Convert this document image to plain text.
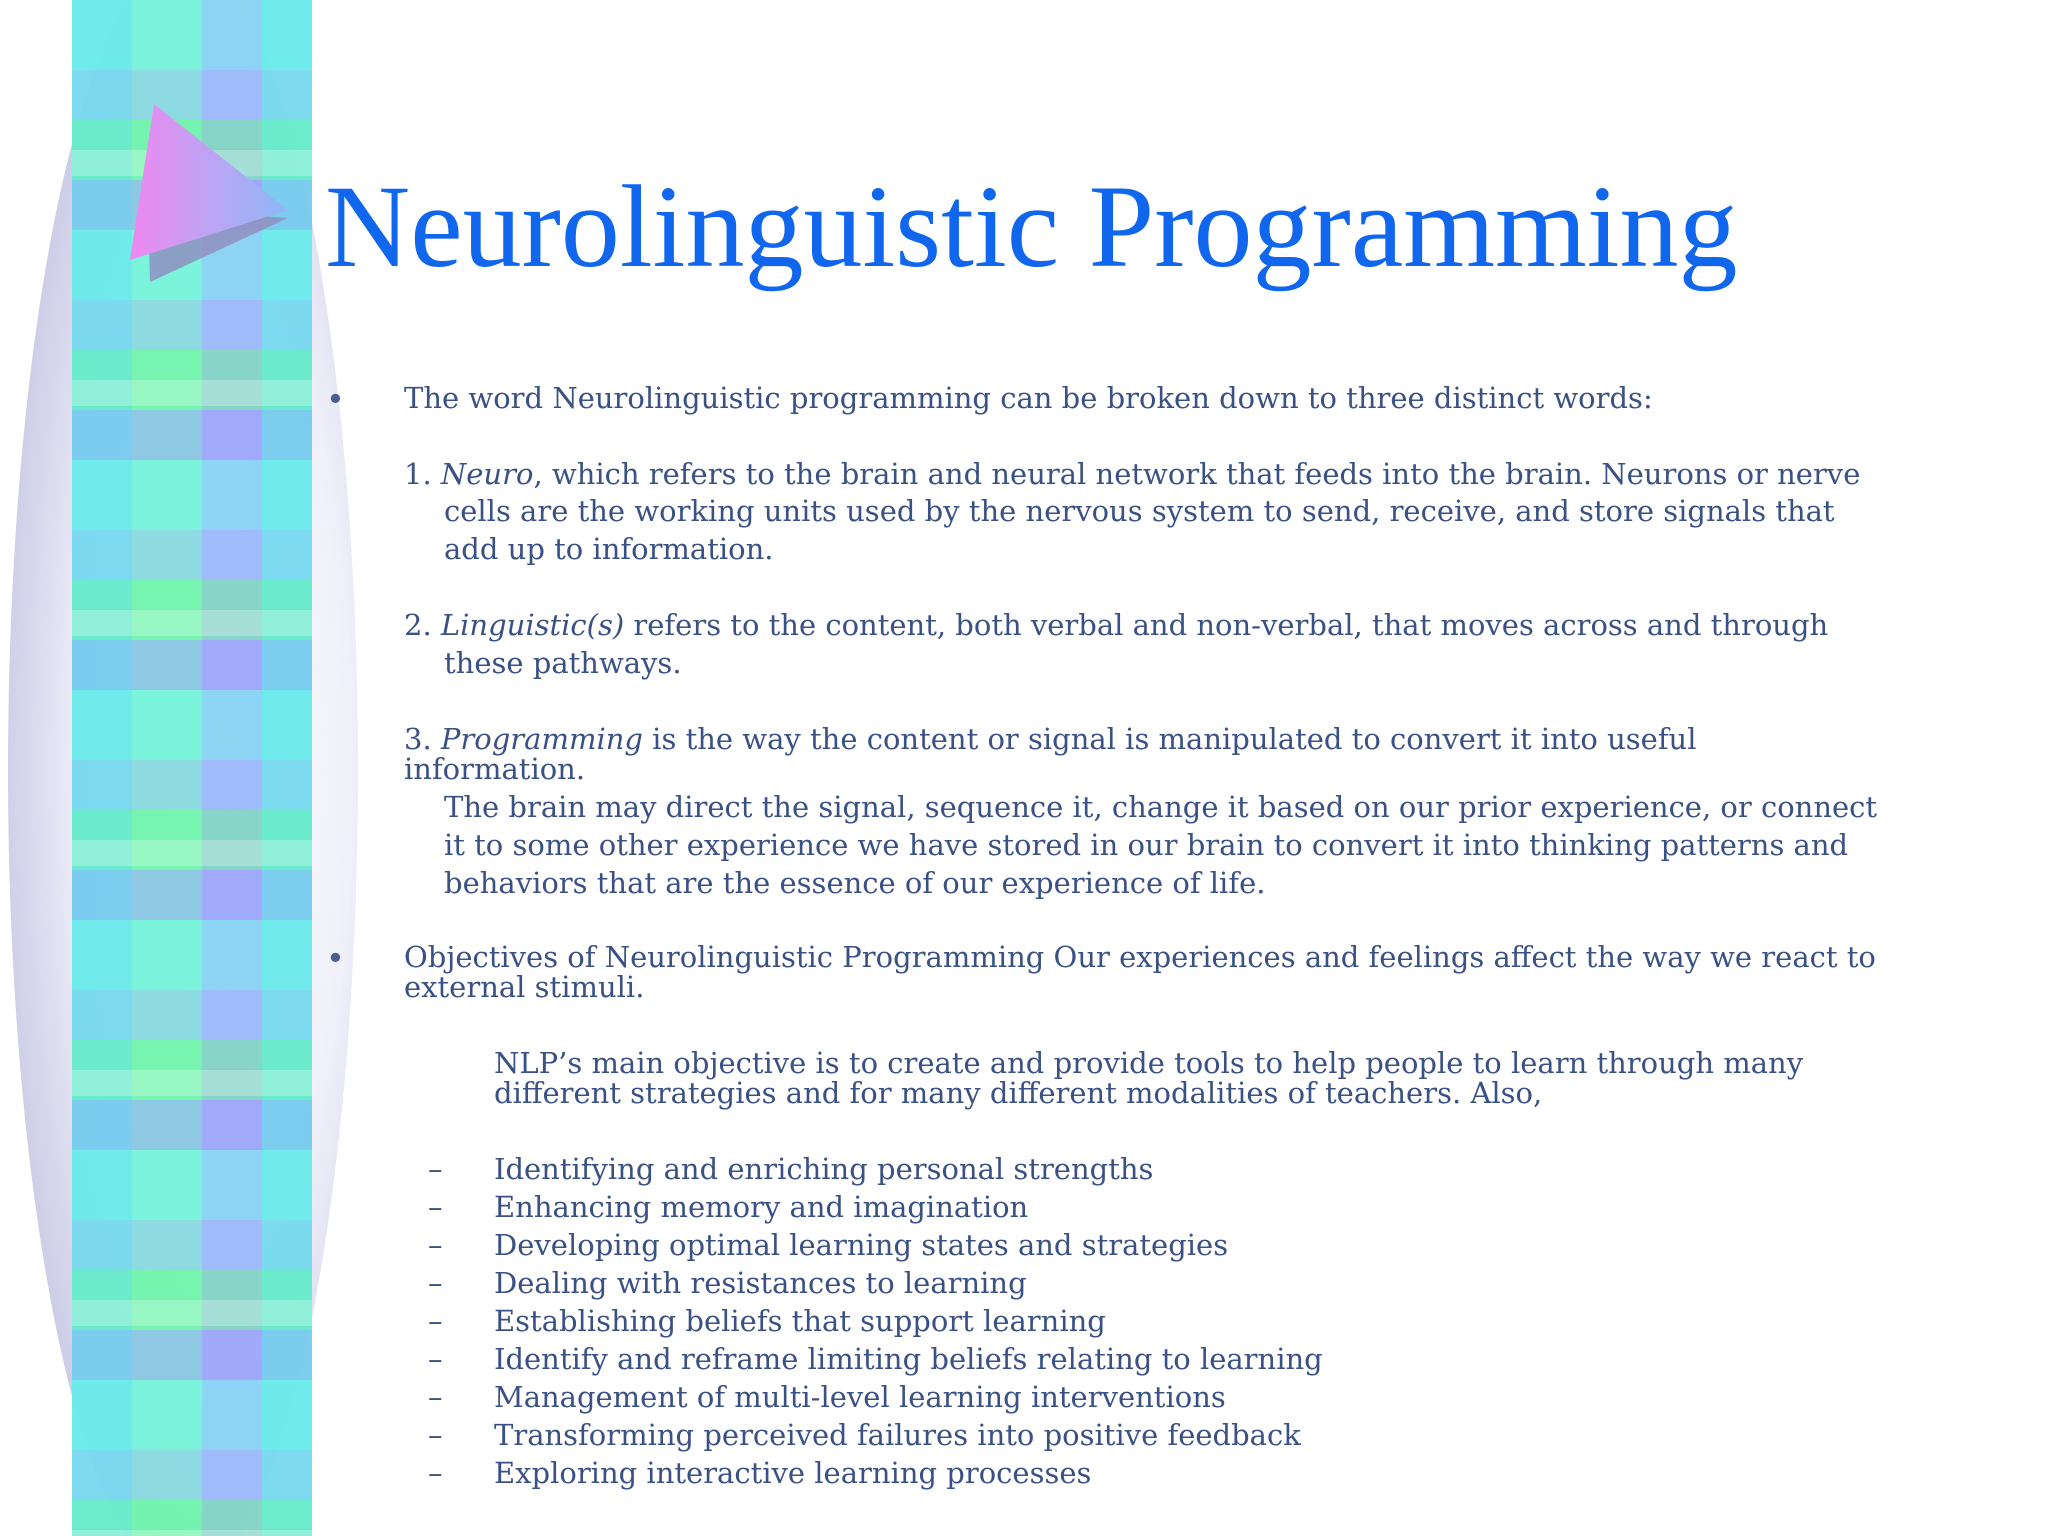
Neurolinguistic Programming
• The word Neurolinguistic programming can be broken down to three distinct words:
1. Neuro, which refers to the brain and neural network that feeds into the brain. Neurons or nerve
cells are the working units used by the nervous system to send, receive, and store signals that
add up to information.
2. Linguistic(s) refers to the content, both verbal and non-verbal, that moves across and through
these pathways.
3. Programming is the way the content or signal is manipulated to convert it into useful
information.
The brain may direct the signal, sequence it, change it based on our prior experience, or connect
it to some other experience we have stored in our brain to convert it into thinking patterns and
behaviors that are the essence of our experience of life.
• Objectives of Neurolinguistic Programming Our experiences and feelings affect the way we react to
external stimuli.
NLP’s main objective is to create and provide tools to help people to learn through many
different strategies and for many different modalities of teachers. Also,
– Identifying and enriching personal strengths
– Enhancing memory and imagination
– Developing optimal learning states and strategies
– Dealing with resistances to learning
– Establishing beliefs that support learning
– Identify and reframe limiting beliefs relating to learning
– Management of multi-level learning interventions
– Transforming perceived failures into positive feedback
– Exploring interactive learning processes
